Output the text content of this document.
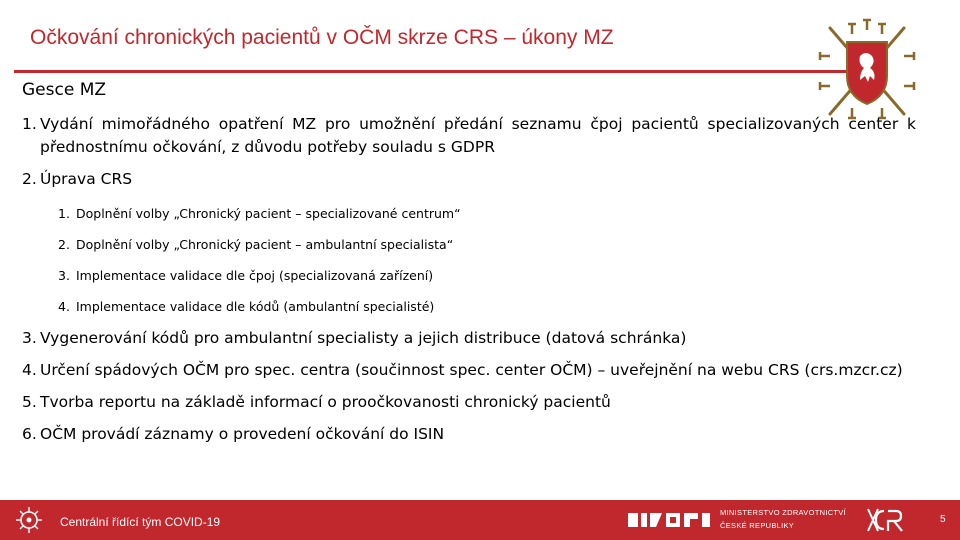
Očkování chronických pacientů v OČM skrze CRS – úkony MZ
Gesce MZ
1. Vydání mimořádného opatření MZ pro umožnění předání seznamu čpoj pacientů specializovaných center k přednostnímu očkování, z důvodu potřeby souladu s GDPR
2. Úprava CRS
1. Doplnění volby „Chronický pacient – specializované centrum“
2. Doplnění volby „Chronický pacient – ambulantní specialista“
3. Implementace validace dle čpoj (specializovaná zařízení)
4. Implementace validace dle kódů (ambulantní specialisté)
3. Vygenerování kódů pro ambulantní specialisty a jejich distribuce (datová schránka)
4. Určení spádových OČM pro spec. centra (součinnost spec. center OČM) – uveřejnění na webu CRS (crs.mzcr.cz)
5. Tvorba reportu na základě informací o proočkovanosti chronický pacientů
6. OČM provádí záznamy o provedení očkování do ISIN
Centrální řídící tým COVID-19
MINISTERSTVO ZDRAVOTNICTVÍ
ČESKÉ REPUBLIKY	5
